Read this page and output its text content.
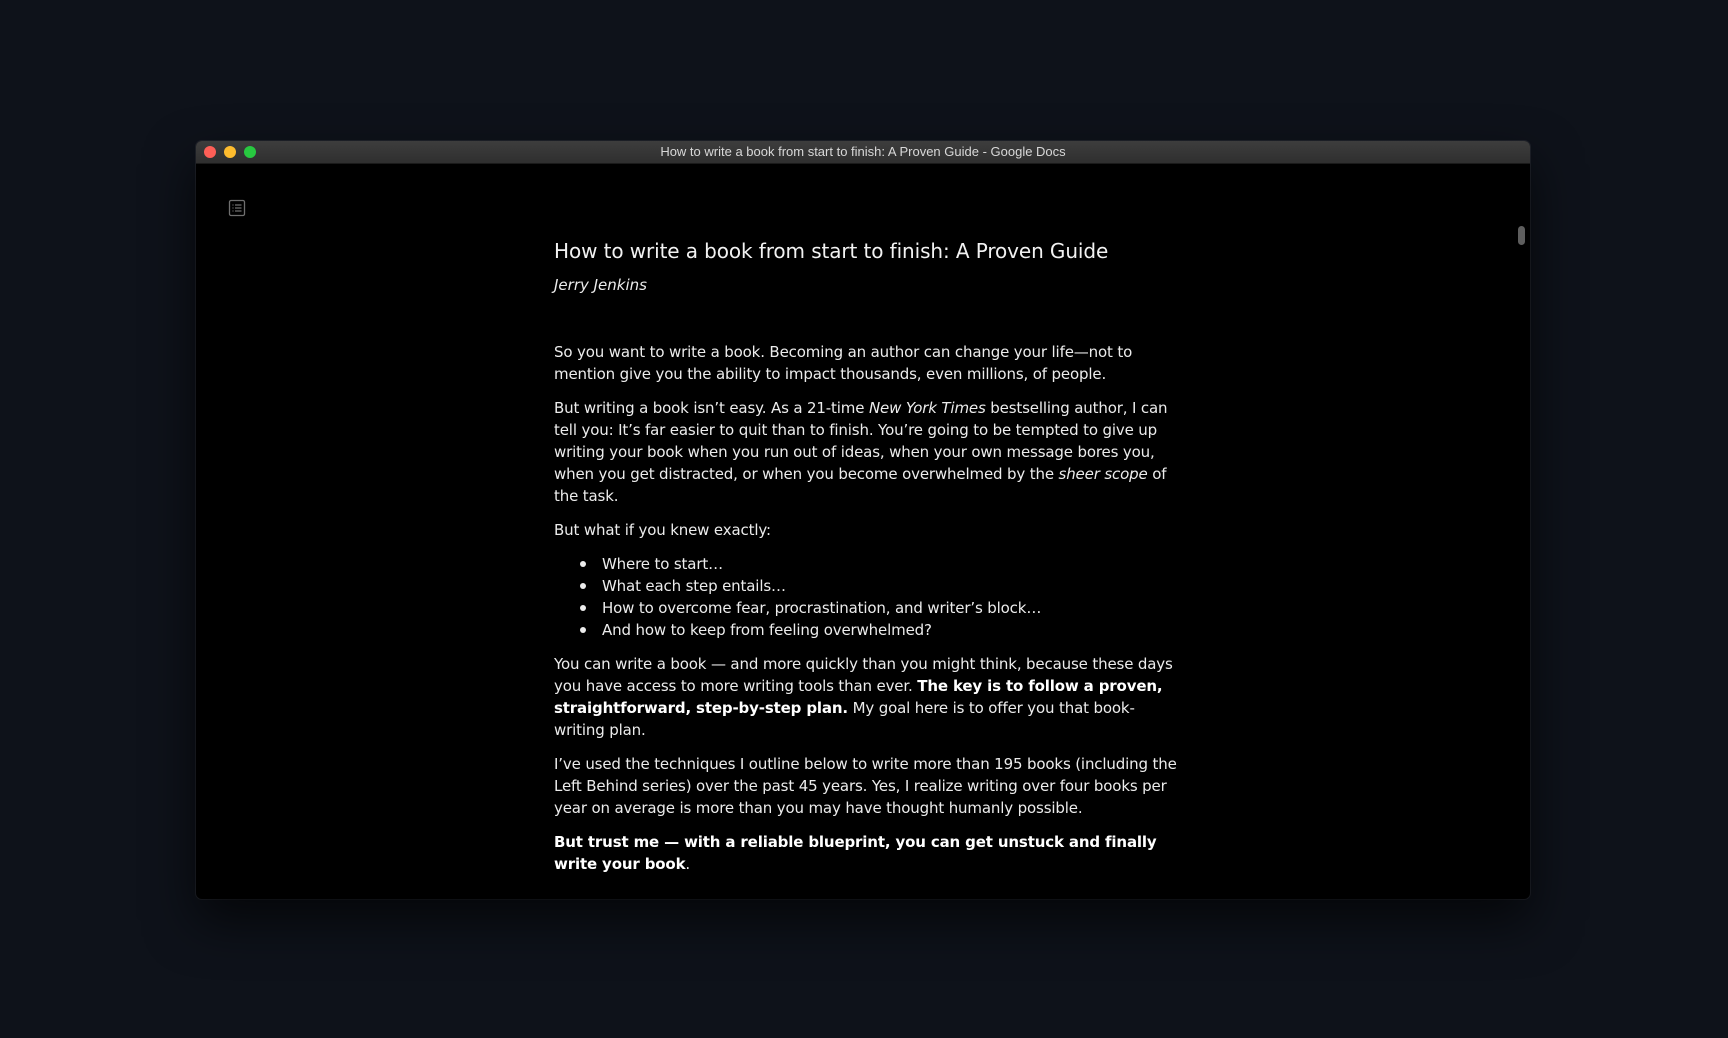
How to write a book from start to finish: A Proven Guide - Google Docs
How to write a book from start to finish: A Proven Guide

Jerry Jenkins

So you want to write a book. Becoming an author can change your life—not to mention give you the ability to impact thousands, even millions, of people.

But writing a book isn’t easy. As a 21-time New York Times bestselling author, I can tell you: It’s far easier to quit than to finish. You’re going to be tempted to give up writing your book when you run out of ideas, when your own message bores you, when you get distracted, or when you become overwhelmed by the sheer scope of the task.

But what if you knew exactly:

Where to start…
What each step entails…
How to overcome fear, procrastination, and writer’s block…
And how to keep from feeling overwhelmed?

You can write a book — and more quickly than you might think, because these days you have access to more writing tools than ever. The key is to follow a proven, straightforward, step-by-step plan. My goal here is to offer you that book-writing plan.

I’ve used the techniques I outline below to write more than 195 books (including the Left Behind series) over the past 45 years. Yes, I realize writing over four books per year on average is more than you may have thought humanly possible.

But trust me — with a reliable blueprint, you can get unstuck and finally write your book.
